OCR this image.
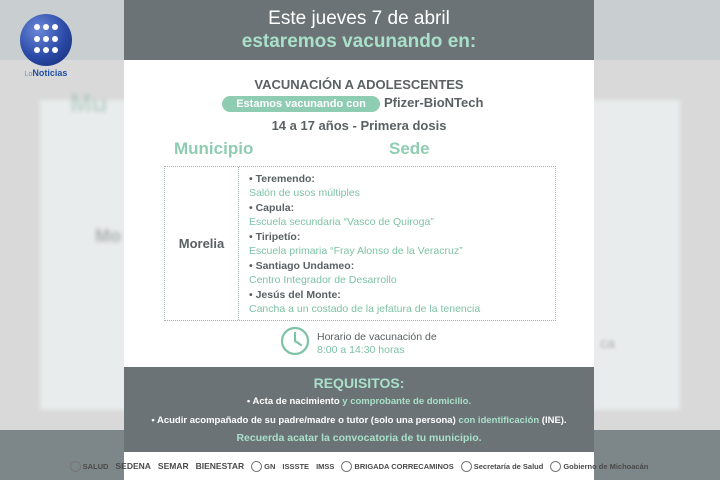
Mu
Mo
ca
LoNoticias
Este jueves 7 de abril
estaremos vacunando en:
VACUNACIÓN A ADOLESCENTES
Estamos vacunando con	Pfizer-BioNTech
14 a 17 años - Primera dosis
Municipio	Sede
Morelia
• Teremendo:
Salón de usos múltiples
• Capula:
Escuela secundaria “Vasco de Quiroga”
• Tiripetío:
Escuela primaria “Fray Alonso de la Veracruz”
• Santiago Undameo:
Centro Integrador de Desarrollo
• Jesús del Monte:
Cancha a un costado de la jefatura de la tenencia
Horario de vacunación de
8:00 a 14:30 horas
REQUISITOS:
• Acta de nacimiento y comprobante de domicilio.
• Acudir acompañado de su padre/madre o tutor (solo una persona) con identificación (INE).
Recuerda acatar la convocatoria de tu municipio.
SALUD SEDENA SEMAR BIENESTAR	GN ISSSTE IMSS	BRIGADA CORRECAMINOS	Secretaría de Salud	Gobierno de Michoacán
